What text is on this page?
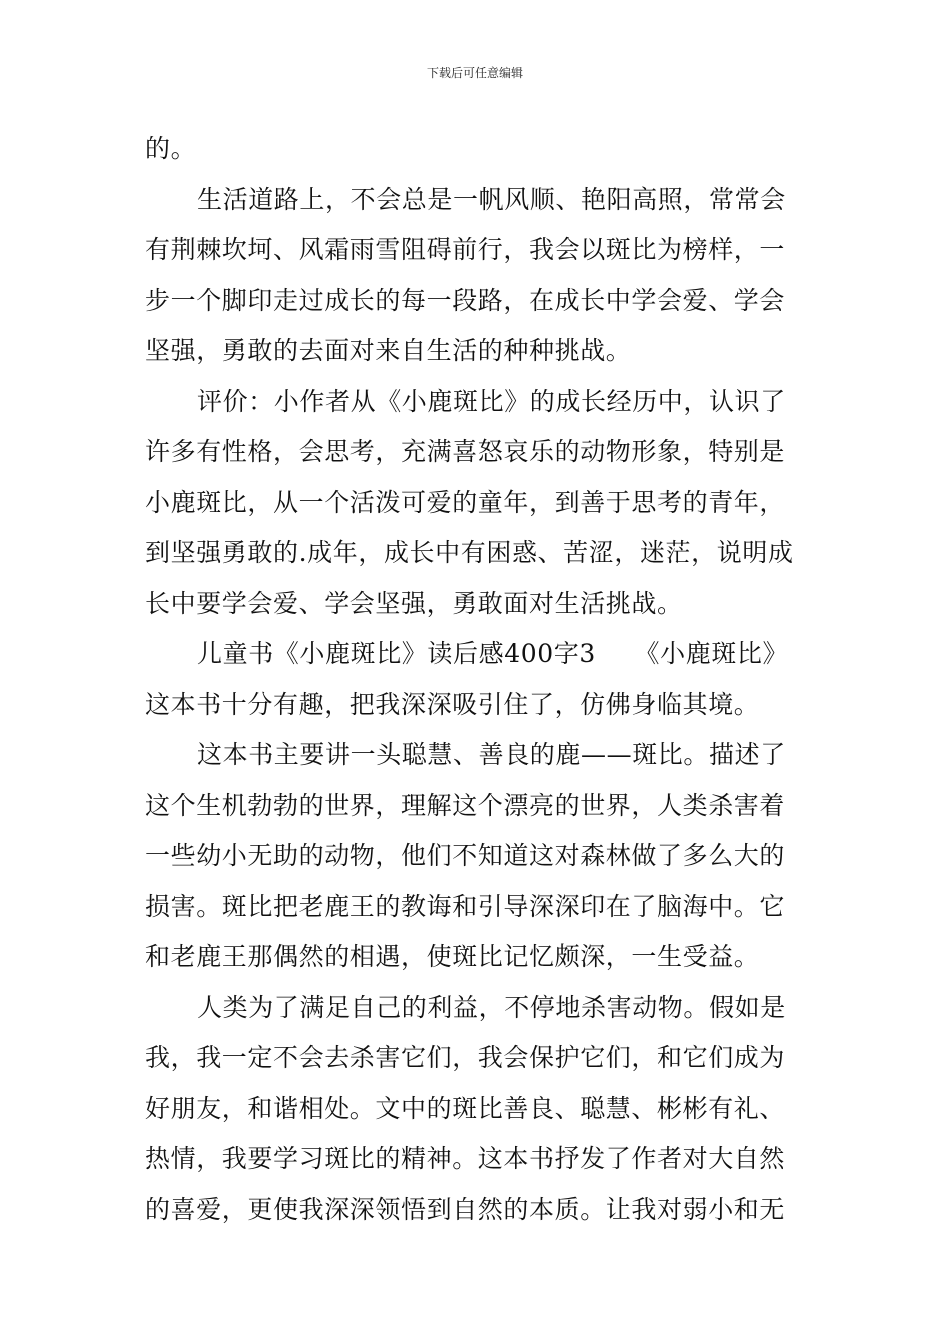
下载后可任意编辑
的。
生活道路上，不会总是一帆风顺、艳阳高照，常常会
有荆棘坎坷、风霜雨雪阻碍前行，我会以斑比为榜样，一
步一个脚印走过成长的每一段路，在成长中学会爱、学会
坚强，勇敢的去面对来自生活的种种挑战。
评价：小作者从《小鹿斑比》的成长经历中，认识了
许多有性格，会思考，充满喜怒哀乐的动物形象，特别是
小鹿斑比，从一个活泼可爱的童年，到善于思考的青年，
到坚强勇敢的.成年，成长中有困惑、苦涩，迷茫，说明成
长中要学会爱、学会坚强，勇敢面对生活挑战。
儿童书《小鹿斑比》读后感400字3　　《小鹿斑比》
这本书十分有趣，把我深深吸引住了，仿佛身临其境。
这本书主要讲一头聪慧、善良的鹿——斑比。描述了
这个生机勃勃的世界，理解这个漂亮的世界，人类杀害着
一些幼小无助的动物，他们不知道这对森林做了多么大的
损害。斑比把老鹿王的教诲和引导深深印在了脑海中。它
和老鹿王那偶然的相遇，使斑比记忆颇深，一生受益。
人类为了满足自己的利益，不停地杀害动物。假如是
我，我一定不会去杀害它们，我会保护它们，和它们成为
好朋友，和谐相处。文中的斑比善良、聪慧、彬彬有礼、
热情，我要学习斑比的精神。这本书抒发了作者对大自然
的喜爱，更使我深深领悟到自然的本质。让我对弱小和无
